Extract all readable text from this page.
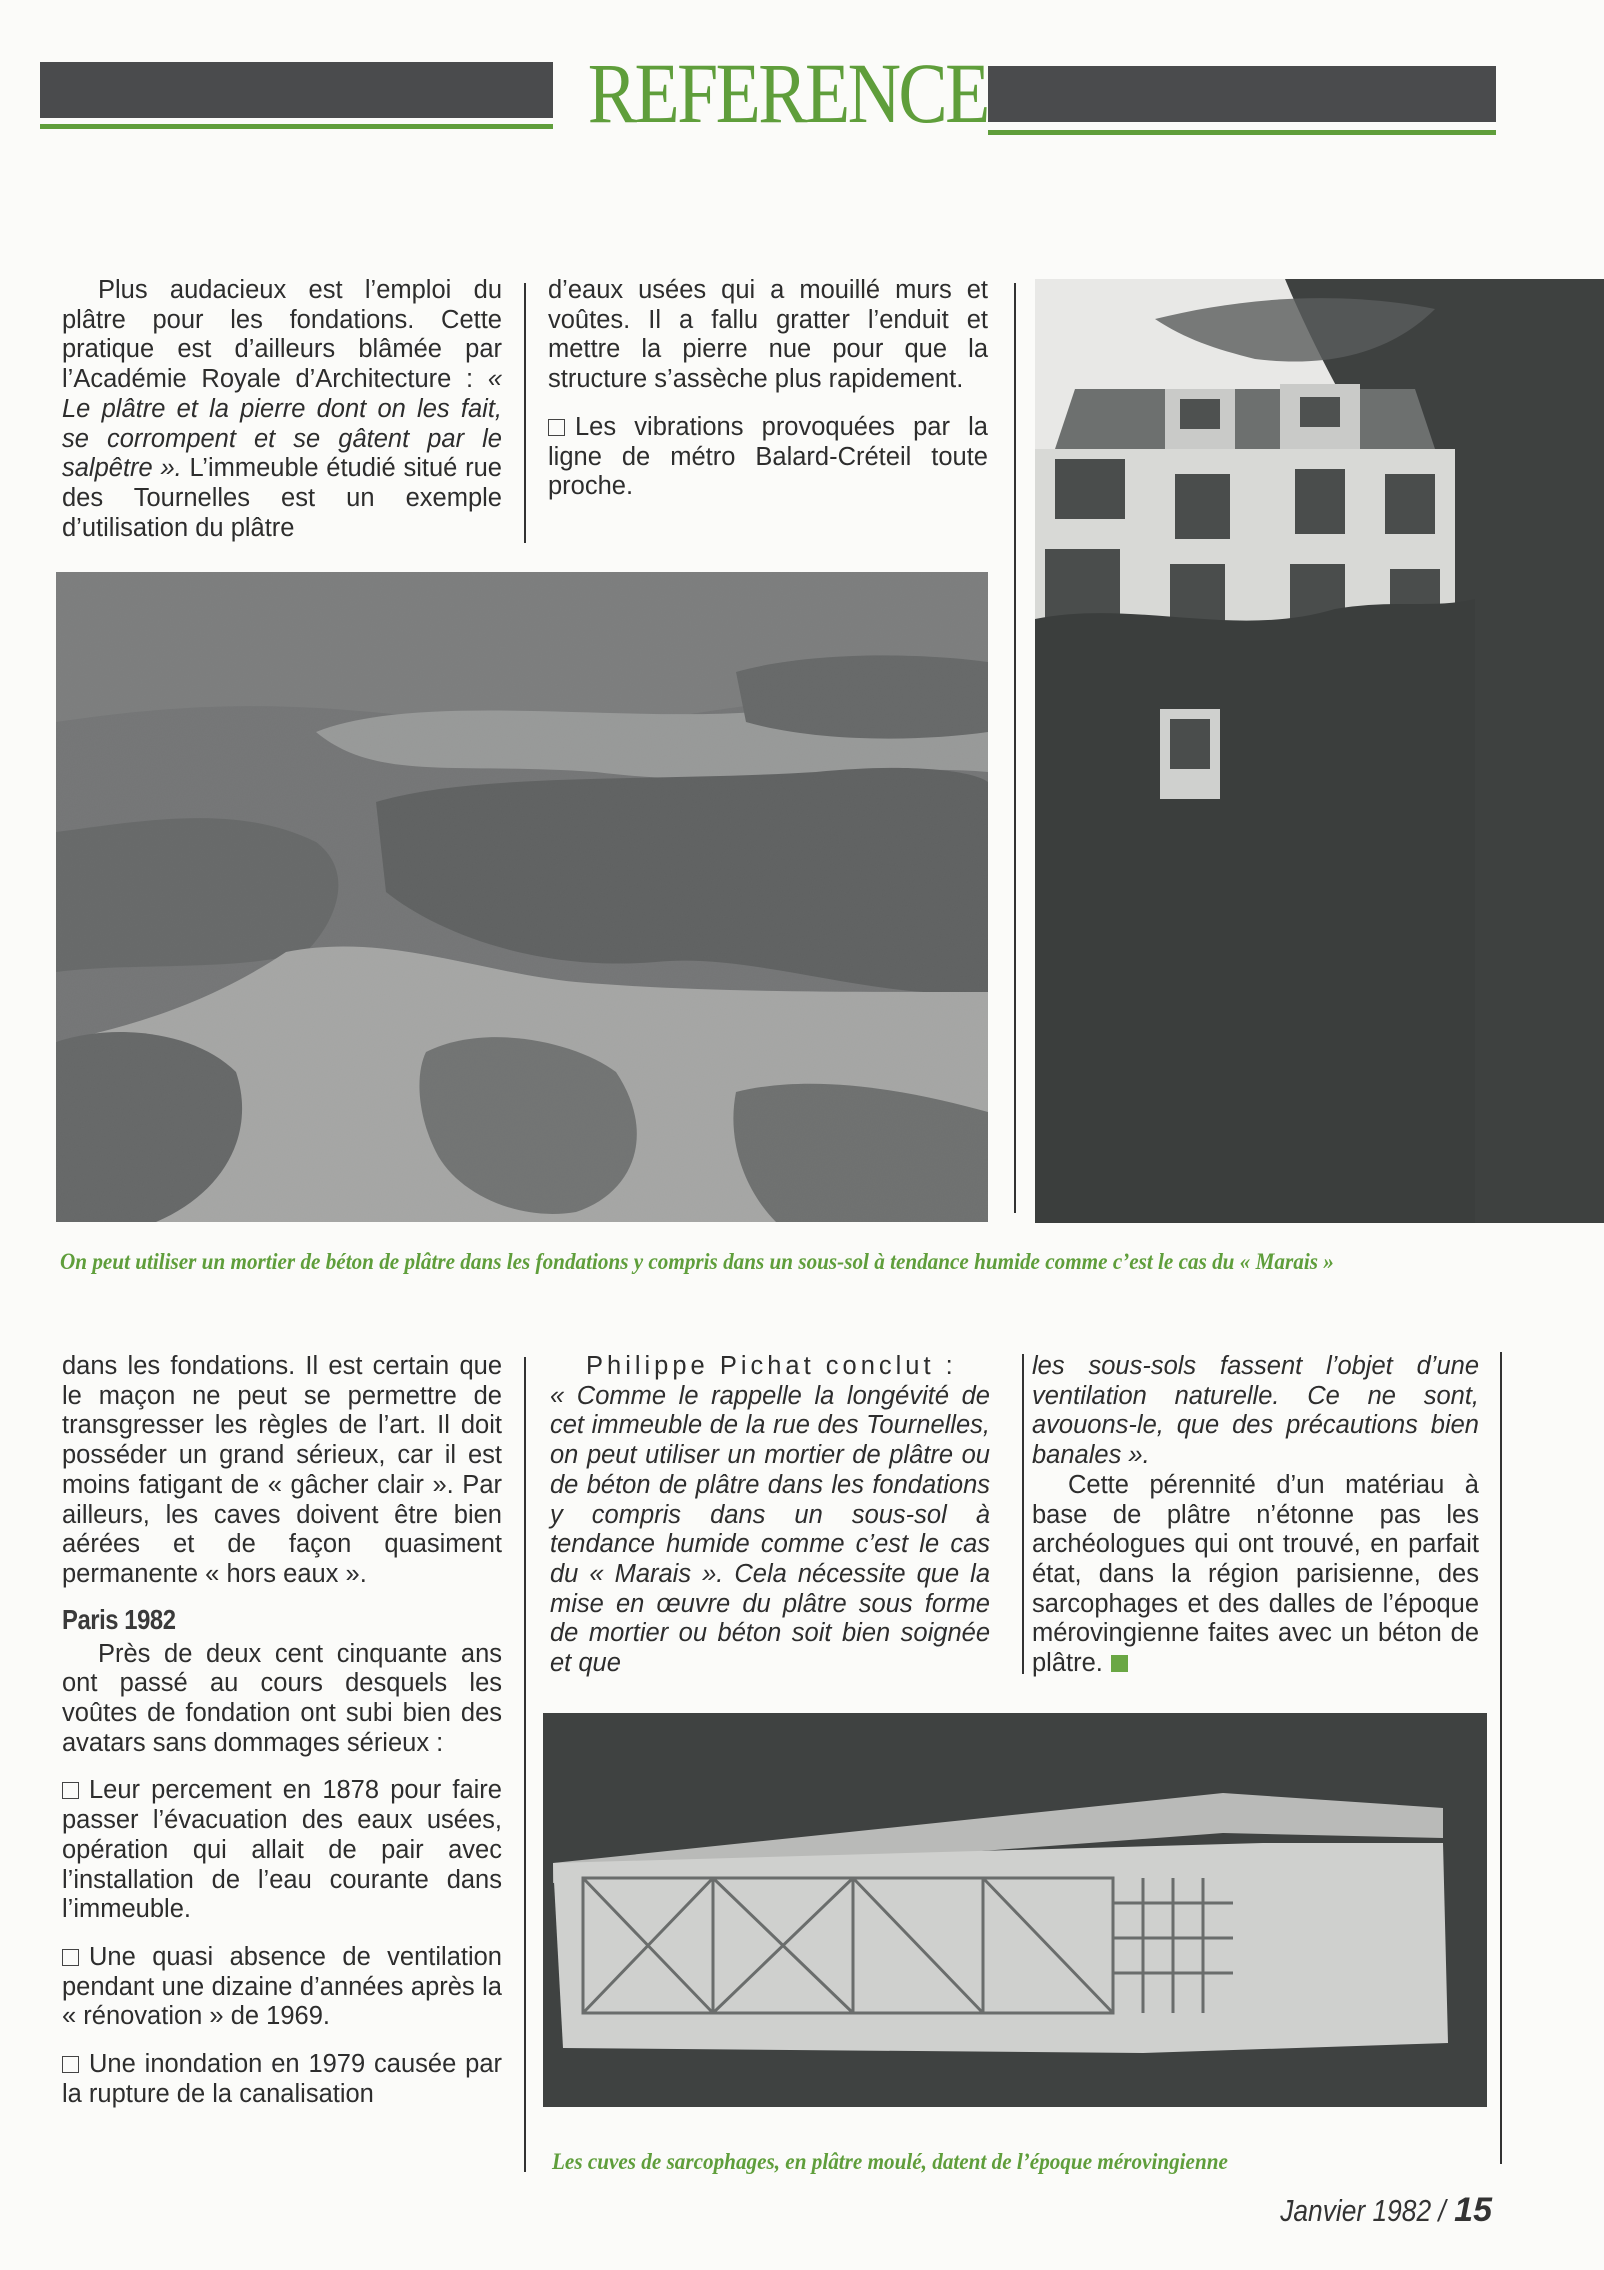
REFERENCE

Plus audacieux est l’emploi du plâtre pour les fondations. Cette pratique est d’ailleurs blâmée par l’Académie Royale d’Architecture : « Le plâtre et la pierre dont on les fait, se corrompent et se gâtent par le salpêtre ». L’immeuble étudié situé rue des Tournelles est un exemple d’utilisation du plâtre

d’eaux usées qui a mouillé murs et voûtes. Il a fallu gratter l’enduit et mettre la pierre nue pour que la structure s’assèche plus rapidement.

Les vibrations provoquées par la ligne de métro Balard-Créteil toute proche.

On peut utiliser un mortier de béton de plâtre dans les fondations y compris dans un sous-sol à tendance humide comme c’est le cas du « Marais »

dans les fondations. Il est certain que le maçon ne peut se permettre de transgresser les règles de l’art. Il doit posséder un grand sérieux, car il est moins fatigant de « gâcher clair ». Par ailleurs, les caves doivent être bien aérées et de façon quasiment permanente « hors eaux ».

Paris 1982

Près de deux cent cinquante ans ont passé au cours desquels les voûtes de fondation ont subi bien des avatars sans dommages sérieux :

Leur percement en 1878 pour faire passer l’évacuation des eaux usées, opération qui allait de pair avec l’installation de l’eau courante dans l’immeuble.

Une quasi absence de ventilation pendant une dizaine d’années après la « rénovation » de 1969.

Une inondation en 1979 causée par la rupture de la canalisation

Philippe Pichat conclut :

« Comme le rappelle la longévité de cet immeuble de la rue des Tournelles, on peut utiliser un mortier de plâtre ou de béton de plâtre dans les fondations y compris dans un sous-sol à tendance humide comme c’est le cas du « Marais ». Cela nécessite que la mise en œuvre du plâtre sous forme de mortier ou béton soit bien soignée et que

les sous-sols fassent l’objet d’une ventilation naturelle. Ce ne sont, avouons-le, que des précautions bien banales ».

Cette pérennité d’un matériau à base de plâtre n’étonne pas les archéologues qui ont trouvé, en parfait état, dans la région parisienne, des sarcophages et des dalles de l’époque mérovingienne faites avec un béton de plâtre.

Les cuves de sarcophages, en plâtre moulé, datent de l’époque mérovingienne
Janvier 1982 / 15
